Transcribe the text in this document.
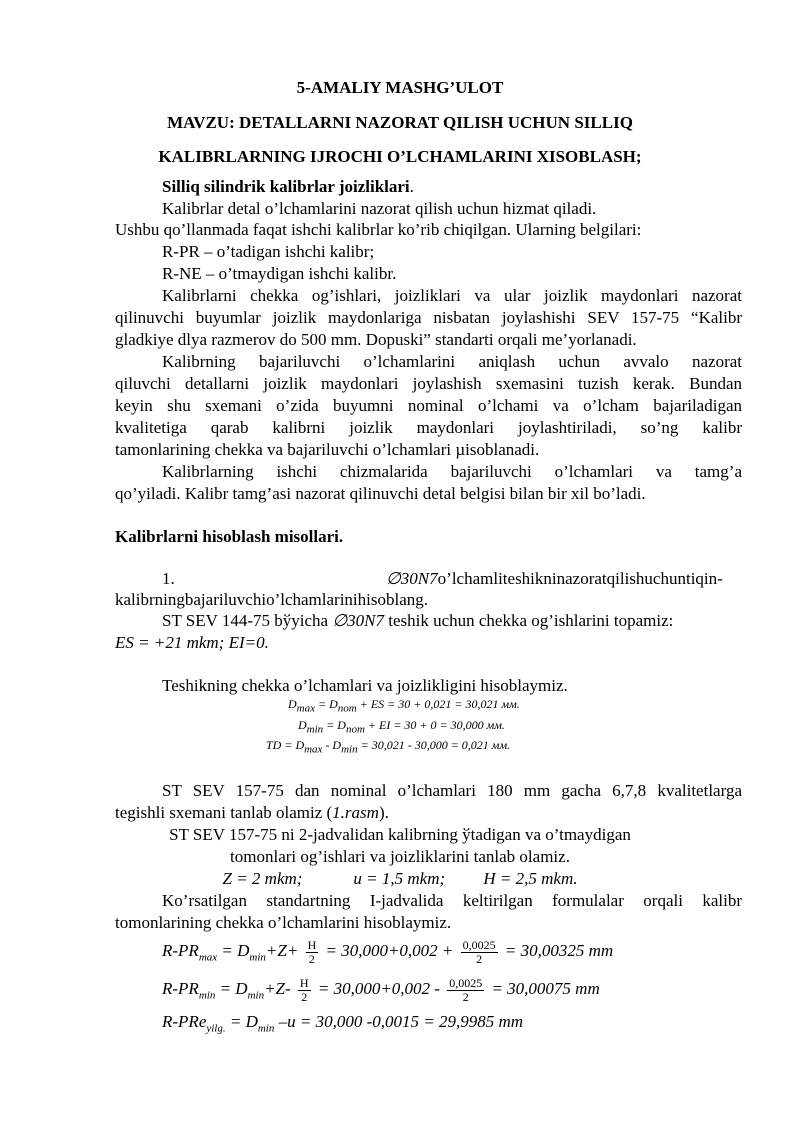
5-AMALIY MASHG’ULOT
MAVZU: DETALLARNI NAZORAT QILISH UCHUN SILLIQ
KALIBRLARNING IJROCHI O’LCHAMLARINI XISOBLASH;
Silliq silindrik kalibrlar joizliklari.
Kalibrlar detal o’lchamlarini nazorat qilish uchun hizmat qiladi.
Ushbu qo’llanmada faqat ishchi kalibrlar ko’rib chiqilgan. Ularning belgilari:
R-PR – o’tadigan ishchi kalibr;
R-NE – o’tmaydigan ishchi kalibr.
Kalibrlarni chekka og’ishlari, joizliklari va ular joizlik maydonlari nazorat
qilinuvchi buyumlar joizlik maydonlariga nisbatan joylashishi SEV 157-75 “Kalibr
gladkiye dlya razmerov do 500 mm. Dopuski” standarti orqali me’yorlanadi.
Kalibrning bajariluvchi o’lchamlarini aniqlash uchun avvalo nazorat
qiluvchi detallarni joizlik maydonlari joylashish sxemasini tuzish kerak. Bundan
keyin shu sxemani o’zida buyumni nominal o’lchami va o’lcham bajariladigan
kvalitetiga qarab kalibrni joizlik maydonlari joylashtiriladi, so’ng kalibr
tamonlarining chekka va bajariluvchi o’lchamlari µisoblanadi.
Kalibrlarning ishchi chizmalarida bajariluvchi o’lchamlari va tamg’a
qo’yiladi. Kalibr tamg’asi nazorat qilinuvchi detal belgisi bilan bir xil bo’ladi.
Kalibrlarni hisoblash misollari.
1.	∅30N7o’lchamliteshikninazoratqilishuchuntiqin-
kalibrningbajariluvchio’lchamlarinihisoblang.
ST SEV 144-75 bўyicha ∅30N7 teshik uchun chekka og’ishlarini topamiz:
ES = +21 mkm; EI=0.
Teshikning chekka o’lchamlari va joizlikligini hisoblaymiz.
$D_{max} = D_{nom}$ + ES = 30 + 0,021 = 30,021 мм.
$D_{min} = D_{nom}$ + EI = 30 + 0 = 30,000 мм.
TD = $D_{max} - D_{min} = 30,021 - 30,000 = 0,021$ мм.
ST SEV 157-75 dan nominal o’lchamlari 180 mm gacha 6,7,8 kvalitetlarga
tegishli sxemani tanlab olamiz (1.rasm).
ST SEV 157-75 ni 2-jadvalidan kalibrning ўtadigan va o’tmaydigan
tomonlari og’ishlari va joizliklarini tanlab olamiz.
Z = 2 mkm;            u = 1,5 mkm;         H = 2,5 mkm.
Ko’rsatilgan standartning I-jadvalida keltirilgan formulalar orqali kalibr
tomonlarining chekka o’lchamlarini hisoblaymiz.
$R-PR_{max} = D_{min}+Z+ \frac{H}{2} = 30,000+0,002 + \frac{0,0025}{2} = 30,00325$ mm
$R-PR_{min} = D_{min}+Z- \frac{H}{2} = 30,000+0,002 - \frac{0,0025}{2} = 30,00075$ mm
$R-PRe_{yilg.} = D_{min}$ –u = 30,000 -0,0015 = 29,9985 mm
